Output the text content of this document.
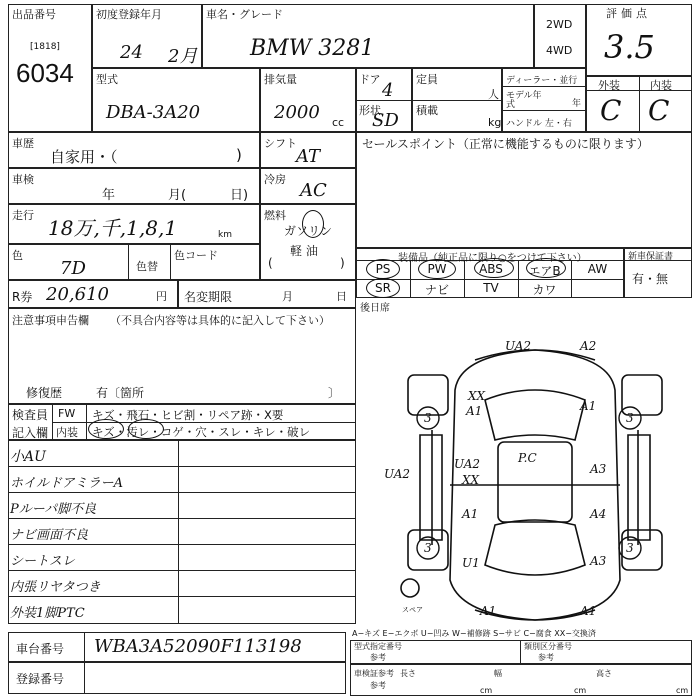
出品番号
[1818]
6034
初度登録年月
24 2月
車名・グレード
BMW 3281
2WD
4WD
評価点
3.5
型式
DBA-3A20
排気量
2000 cc
ドア
4
形状
SD
定員
人
積載
kg
ディーラー・並行
モデル年式	年
ハンドル 左・右
外装	内装
C C
車歴
自家用・（	)
シフト
AT
セールスポイント（正常に機能するものに限ります）
車検
年	月(	日)
冷房
AC
走行
18万,千,1,8,1	km
燃料
ガソリン
軽 油
(	)
色
7D	色替
色コード	装備品（純正品に限り○をつけて下さい）
PS	PW	ABS	エアB	AW
SR	ナビ	TV	カワ
後日席
新車保証書
有・無
R券 20,610	円 名変期限	月	日
注意事項申告欄 （不具合内容等は具体的に記入して下さい）
修復歴	有〔箇所	〕
検査員
記入欄
FW キズ・飛石・ヒビ割・リペア跡・X要
内装 キズ・汚レ・コゲ・穴・スレ・キレ・破レ
小AU
ホイルドアミラーA
Pルーパ脚不良
ナビ画面不良
シートスレ
内張リヤタつき
外装1脚PTC
A−キズ E−エクボ U−凹み W−補修跡 S−サビ C−腐食 XX−交換済
車台番号 WBA3A52090F113198
登録番号
型式指定番号
参考
類別区分番号
参考
車検証参考
参考
長さ
cm
幅
cm
高さ
cm
UA2	A2
XX
A1	A1
3	3
UA2
UA2
XX
P.C
A3
A1	A4
3	3
U1	A3
A1	A1
スペア
